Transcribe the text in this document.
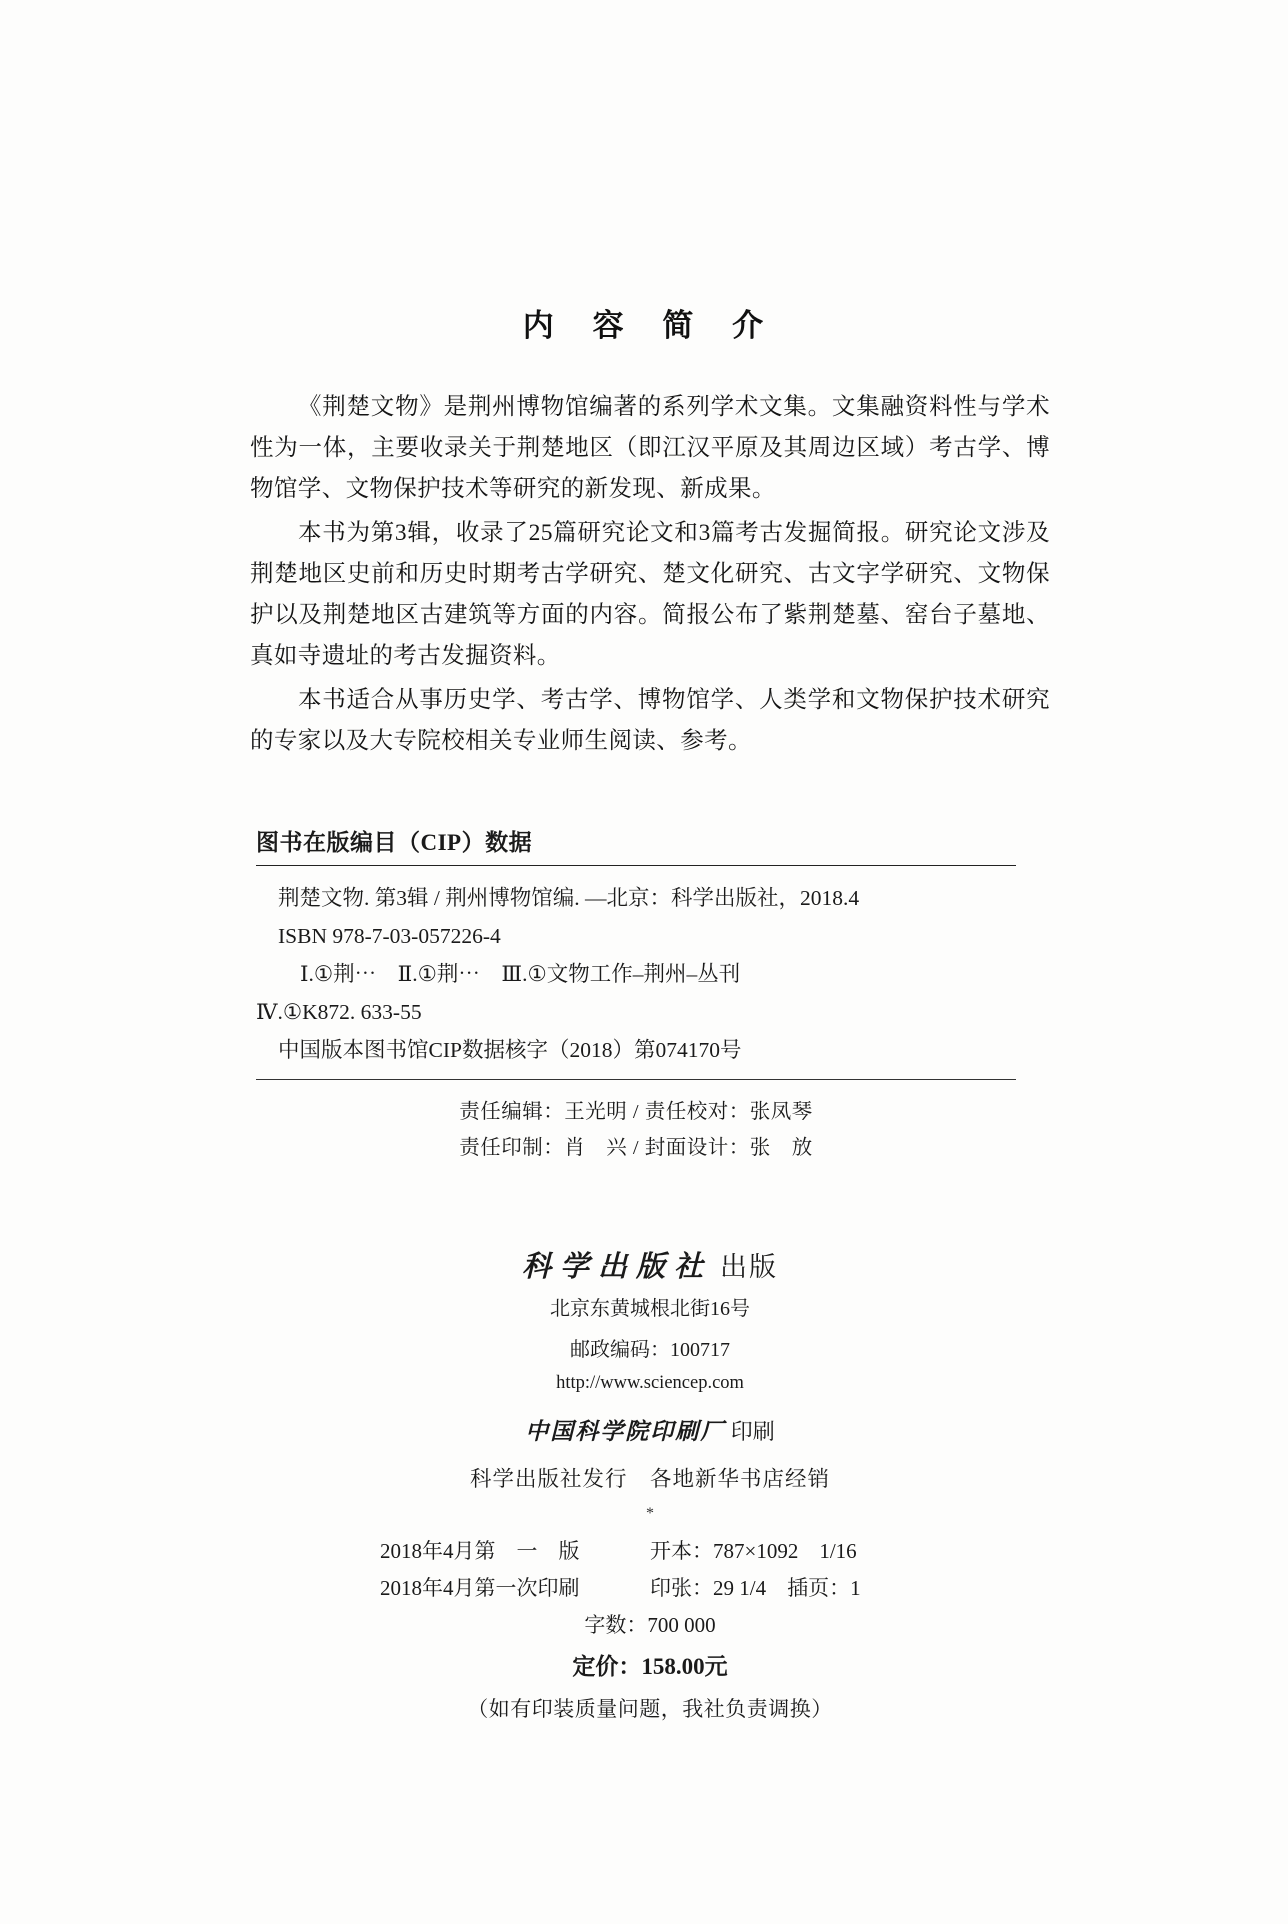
内 容 简 介

《荆楚文物》是荆州博物馆编著的系列学术文集。文集融资料性与学术性为一体，主要收录关于荆楚地区（即江汉平原及其周边区域）考古学、博物馆学、文物保护技术等研究的新发现、新成果。

本书为第3辑，收录了25篇研究论文和3篇考古发掘简报。研究论文涉及荆楚地区史前和历史时期考古学研究、楚文化研究、古文字学研究、文物保护以及荆楚地区古建筑等方面的内容。简报公布了紫荆楚墓、窑台子墓地、真如寺遗址的考古发掘资料。

本书适合从事历史学、考古学、博物馆学、人类学和文物保护技术研究的专家以及大专院校相关专业师生阅读、参考。

图书在版编目（CIP）数据
荆楚文物. 第3辑 / 荆州博物馆编. —北京：科学出版社，2018.4
ISBN 978-7-03-057226-4
Ⅰ.①荆⋯　Ⅱ.①荆⋯　Ⅲ.①文物工作–荆州–丛刊
Ⅳ.①K872. 633-55
中国版本图书馆CIP数据核字（2018）第074170号
责任编辑：王光明 / 责任校对：张凤琴
责任印制：肖　兴 / 封面设计：张　放
科学出版社 出版
北京东黄城根北街16号
邮政编码：100717
http://www.sciencep.com
中国科学院印刷厂 印刷
科学出版社发行　各地新华书店经销
*
2018年4月第　一　版	开本：787×1092　1/16
2018年4月第一次印刷	印张：29 1/4　插页：1
字数：700 000
定价：158.00元
（如有印装质量问题，我社负责调换）
